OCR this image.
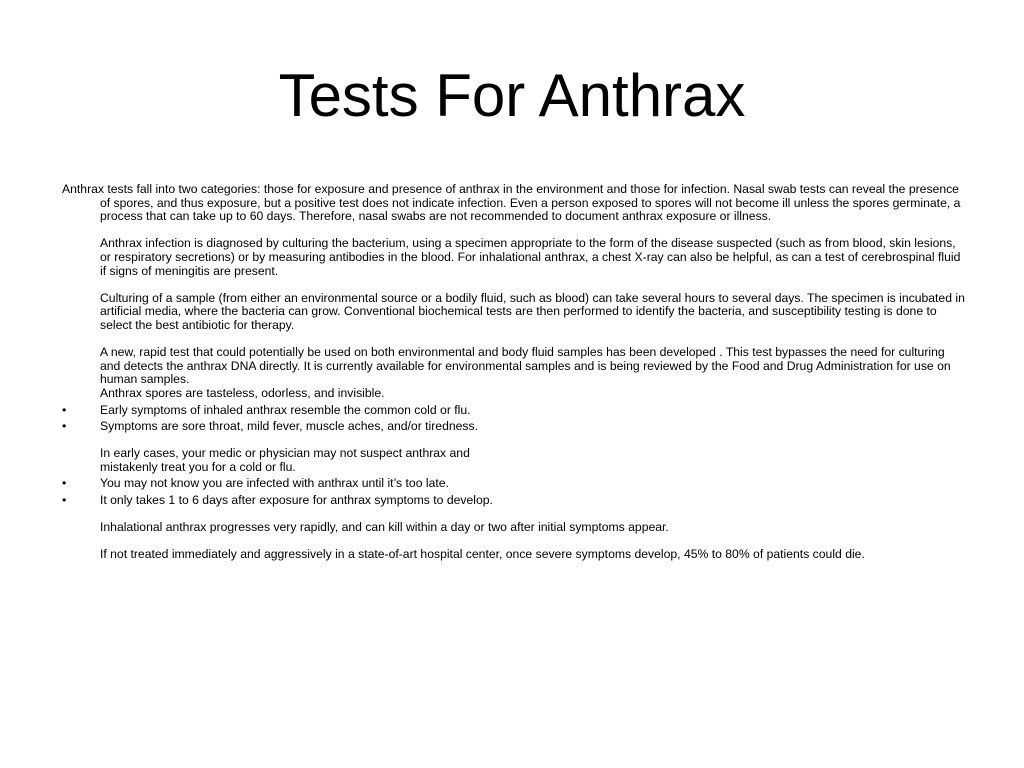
Tests For Anthrax

Anthrax tests fall into two categories: those for exposure and presence of anthrax in the environment and those for infection. Nasal swab tests can reveal the presence of spores, and thus exposure, but a positive test does not indicate infection. Even a person exposed to spores will not become ill unless the spores germinate, a process that can take up to 60 days. Therefore, nasal swabs are not recommended to document anthrax exposure or illness.

Anthrax infection is diagnosed by culturing the bacterium, using a specimen appropriate to the form of the disease suspected (such as from blood, skin lesions, or respiratory secretions) or by measuring antibodies in the blood. For inhalational anthrax, a chest X-ray can also be helpful, as can a test of cerebrospinal fluid if signs of meningitis are present.

Culturing of a sample (from either an environmental source or a bodily fluid, such as blood) can take several hours to several days. The specimen is incubated in artificial media, where the bacteria can grow. Conventional biochemical tests are then performed to identify the bacteria, and susceptibility testing is done to select the best antibiotic for therapy.

A new, rapid test that could potentially be used on both environmental and body fluid samples has been developed . This test bypasses the need for culturing and detects the anthrax DNA directly. It is currently available for environmental samples and is being reviewed by the Food and Drug Administration for use on human samples.

Anthrax spores are tasteless, odorless, and invisible.

•	Early symptoms of inhaled anthrax resemble the common cold or flu.
•	Symptoms are sore throat, mild fever, muscle aches, and/or tiredness.
In early cases, your medic or physician may not suspect anthrax and
mistakenly treat you for a cold or flu.
•	You may not know you are infected with anthrax until it’s too late.
•	It only takes 1 to 6 days after exposure for anthrax symptoms to develop.

Inhalational anthrax progresses very rapidly, and can kill within a day or two after initial symptoms appear.

If not treated immediately and aggressively in a state-of-art hospital center, once severe symptoms develop, 45% to 80% of patients could die.
